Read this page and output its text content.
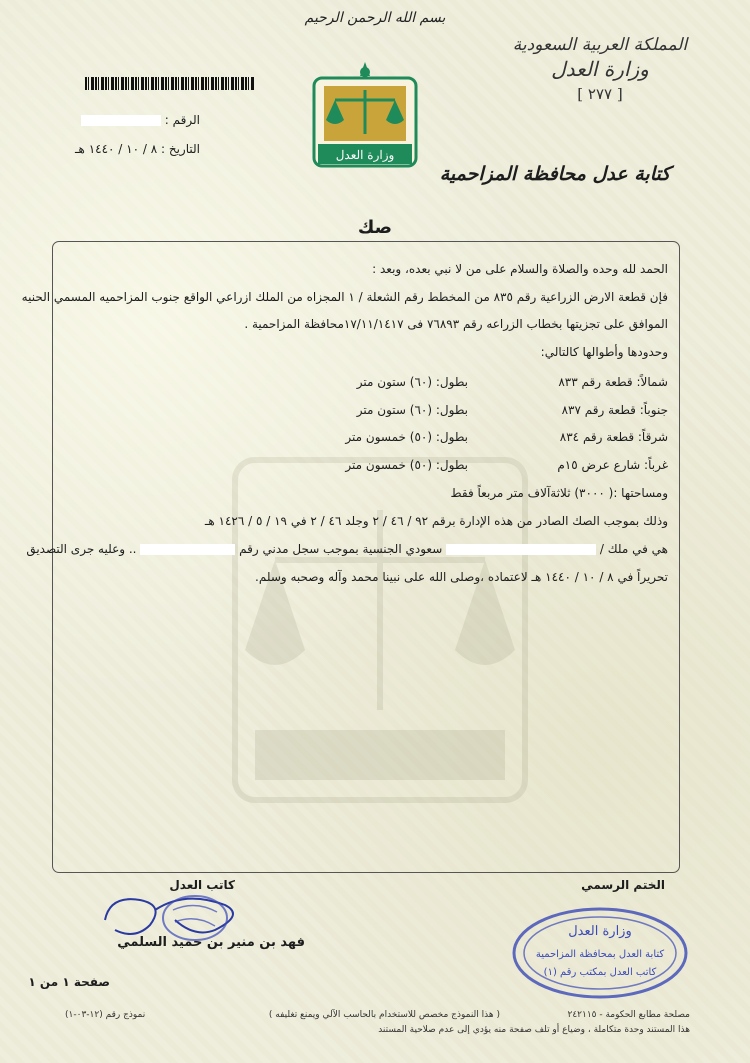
بسم الله الرحمن الرحيم
المملكة العربية السعودية
وزارة العدل
[ ٢٧٧ ]
الرقم :
التاريخ : ٨ / ١٠ / ١٤٤٠ هـ	وزارة العدل
كتابة عدل محافظة المزاحمية
صك
الحمد لله وحده والصلاة والسلام على من لا نبي بعده، وبعد :
فإن قطعة الارض الزراعية رقم ٨٣٥ من المخطط رقم الشعلة / ١ المجزاه من الملك ازراعي الواقع جنوب المزاحميه المسمي الحنيه
الموافق على تجزيتها بخطاب الزراعه رقم ٧٦٨٩٣ فى ١٧/١١/١٤١٧محافظة المزاحمية .
وحدودها وأطوالها كالتالي:
شمالاً: قطعة رقم ٨٣٣
بطول: (٦٠) ستون متر
جنوباً: قطعة رقم ٨٣٧
بطول: (٦٠) ستون متر
شرقاً: قطعة رقم ٨٣٤
بطول: (٥٠) خمسون متر
غرباً: شارع عرض ١٥م
بطول: (٥٠) خمسون متر
ومساحتها :( ٣٠٠٠) ثلاثةآلاف متر مربعاً فقط
وذلك بموجب الصك الصادر من هذه الإدارة برقم ٩٢ / ٤٦ / ٢ وجلد ٤٦ / ٢ في ١٩ / ٥ / ١٤٢٦ هـ
هي في ملك /  سعودي الجنسية بموجب سجل مدني رقم  .. وعليه جرى التصديق
تحريراً في ٨ / ١٠ / ١٤٤٠ هـ لاعتماده ،وصلى الله على نبينا محمد وآله وصحبه وسلم.
الختم الرسمي
كاتب العدل
فهد بن منير بن حميد السلمي
وزارة العدل
كتابة العدل بمحافظة المزاحمية
كاتب العدل بمكتب رقم (١)
صفحة ١ من ١
مصلحة مطابع الحكومة - ٢٤٢١١٥
( هذا النموذج مخصص للاستخدام بالحاسب الآلي ويمنع تغليفه )
نموذج رقم (١٢-٠٣-١)
هذا المستند وحدة متكاملة ، وضياع أو تلف صفحة منه يؤدي إلى عدم صلاحية المستند
